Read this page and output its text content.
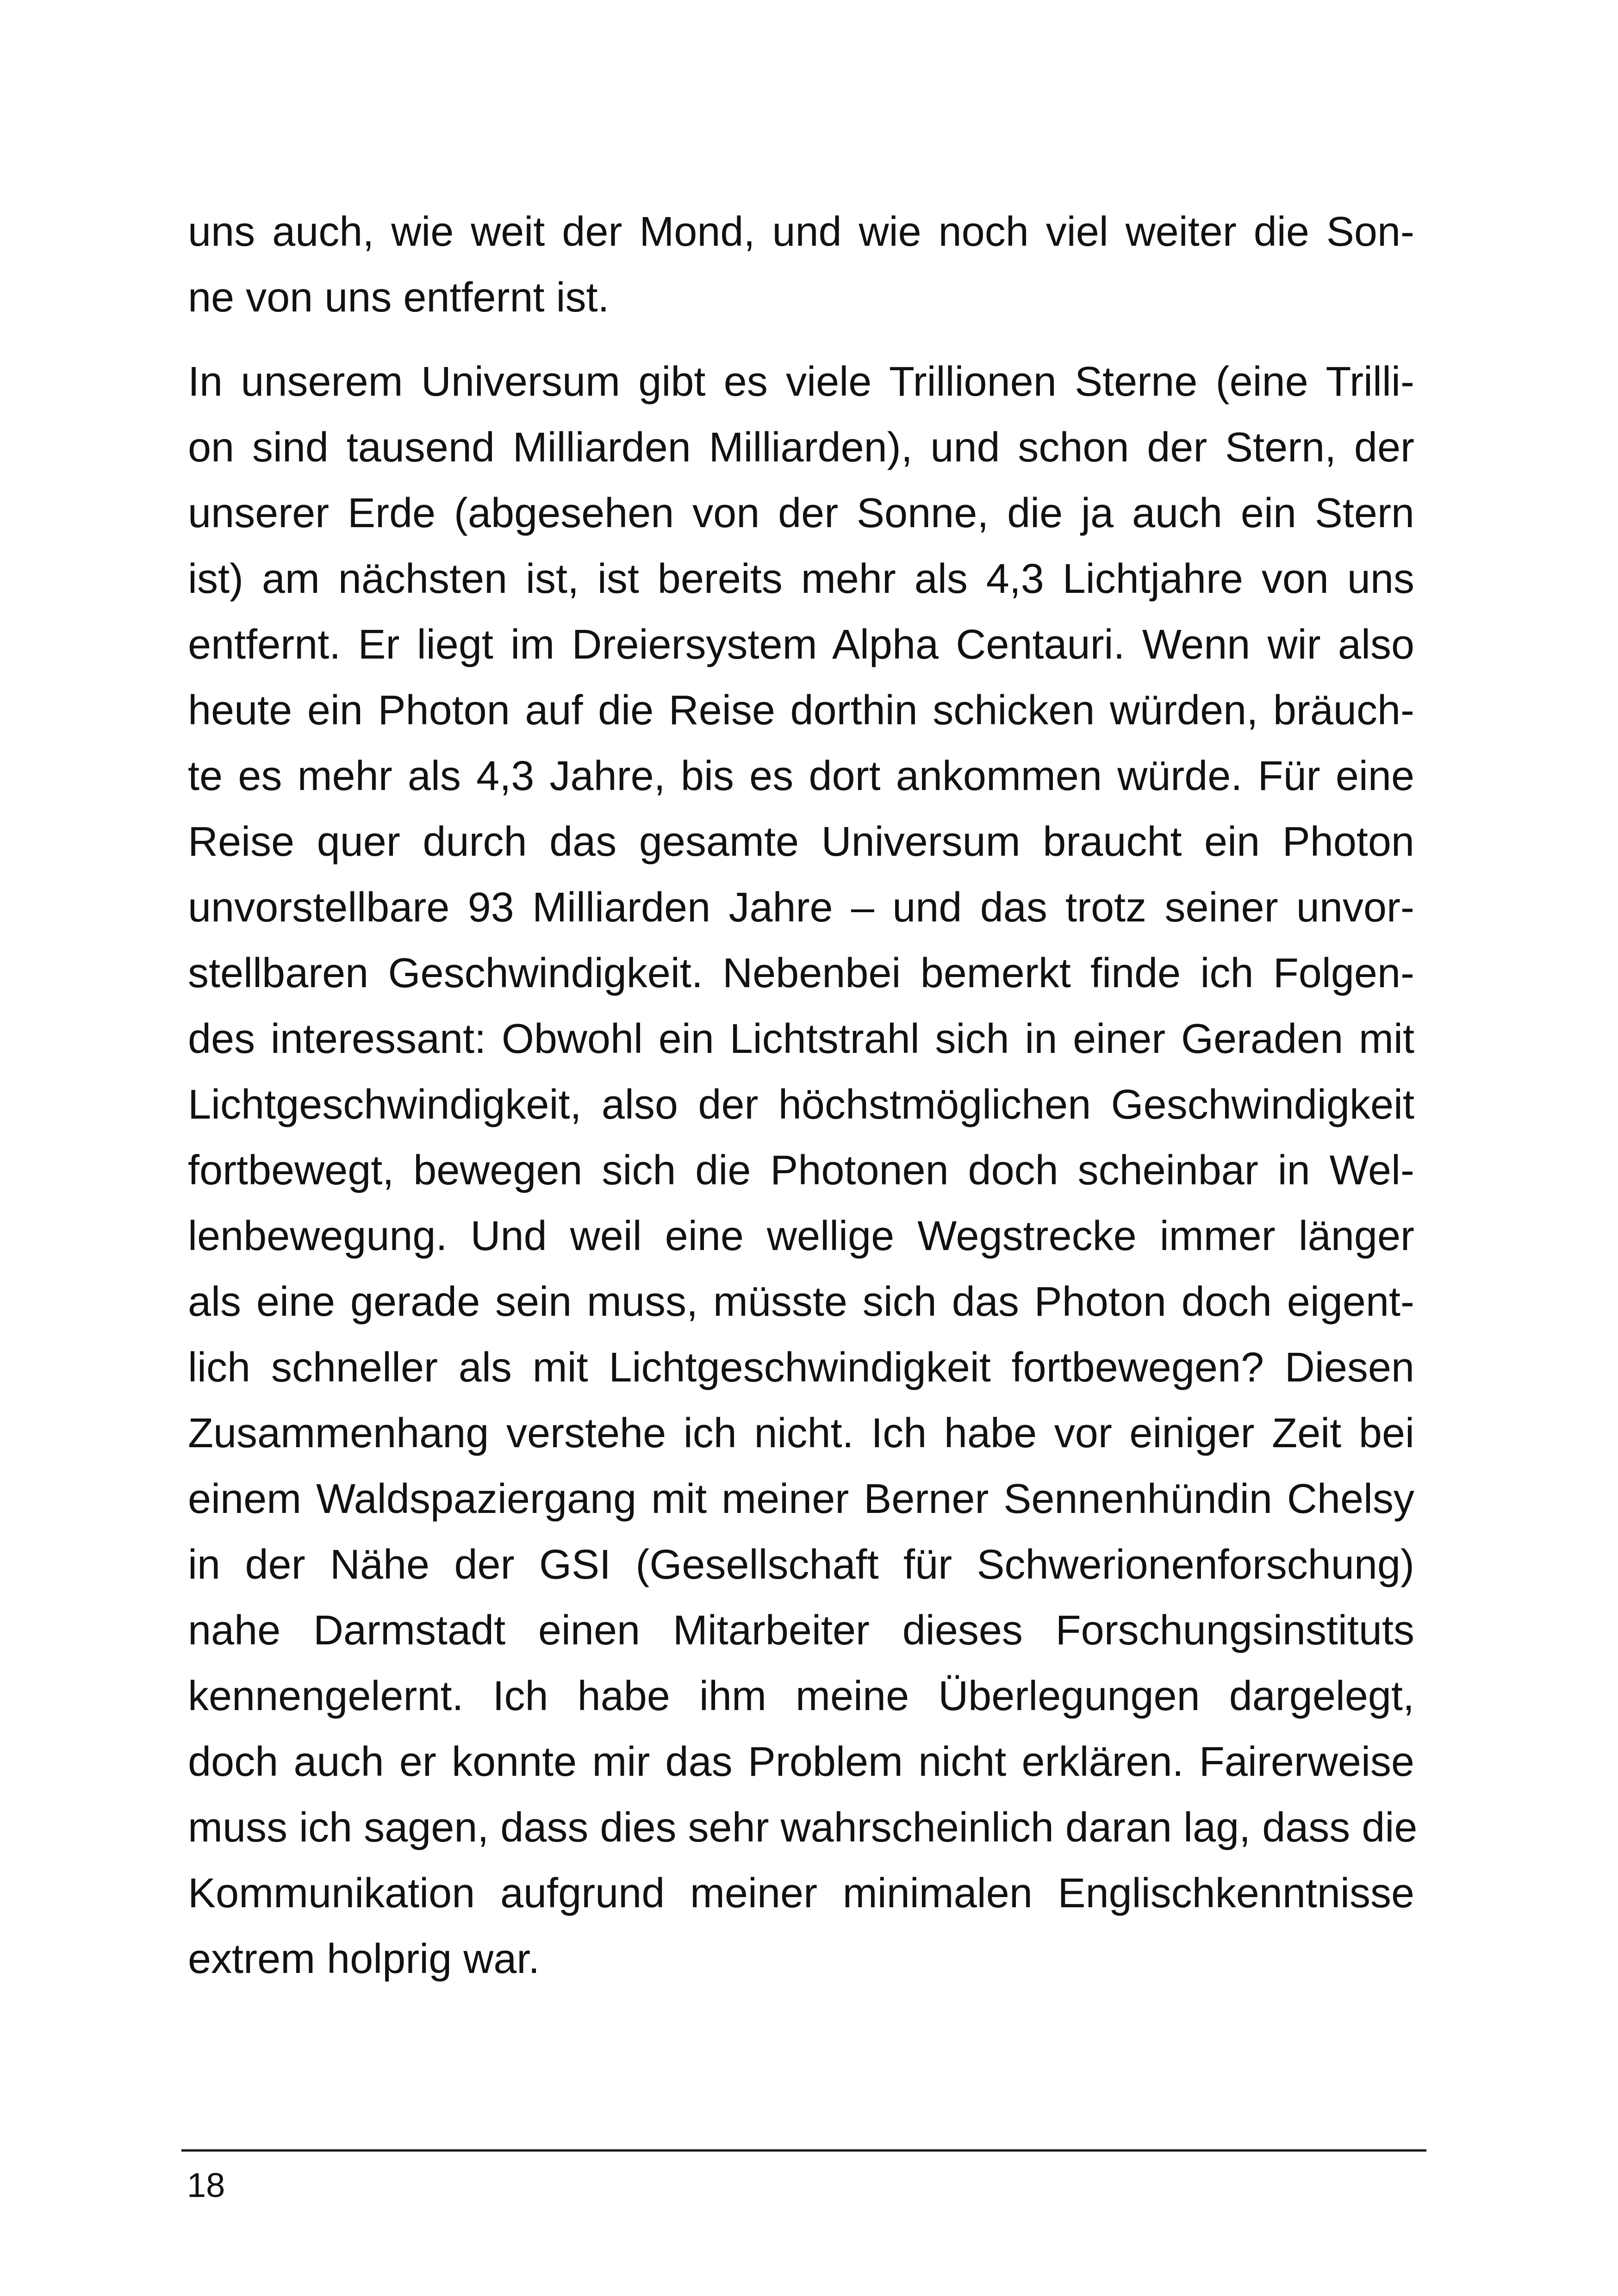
uns auch, wie weit der Mond, und wie noch viel weiter die Son-
ne von uns entfernt ist.

In unserem Universum gibt es viele Trillionen Sterne (eine Trilli-
on sind tausend Milliarden Milliarden), und schon der Stern, der
unserer Erde (abgesehen von der Sonne, die ja auch ein Stern
ist) am nächsten ist, ist bereits mehr als 4,3 Lichtjahre von uns
entfernt. Er liegt im Dreiersystem Alpha Centauri. Wenn wir also
heute ein Photon auf die Reise dorthin schicken würden, bräuch-
te es mehr als 4,3 Jahre, bis es dort ankommen würde. Für eine
Reise quer durch das gesamte Universum braucht ein Photon
unvorstellbare 93 Milliarden Jahre – und das trotz seiner unvor-
stellbaren Geschwindigkeit. Nebenbei bemerkt finde ich Folgen-
des interessant: Obwohl ein Lichtstrahl sich in einer Geraden mit
Lichtgeschwindigkeit, also der höchstmöglichen Geschwindigkeit
fortbewegt, bewegen sich die Photonen doch scheinbar in Wel-
lenbewegung. Und weil eine wellige Wegstrecke immer länger
als eine gerade sein muss, müsste sich das Photon doch eigent-
lich schneller als mit Lichtgeschwindigkeit fortbewegen? Diesen
Zusammenhang verstehe ich nicht. Ich habe vor einiger Zeit bei
einem Waldspaziergang mit meiner Berner Sennenhündin Chelsy
in der Nähe der GSI (Gesellschaft für Schwerionenforschung)
nahe Darmstadt einen Mitarbeiter dieses Forschungsinstituts
kennengelernt. Ich habe ihm meine Überlegungen dargelegt,
doch auch er konnte mir das Problem nicht erklären. Fairerweise
muss ich sagen, dass dies sehr wahrscheinlich daran lag, dass die
Kommunikation aufgrund meiner minimalen Englischkenntnisse
extrem holprig war.

18
